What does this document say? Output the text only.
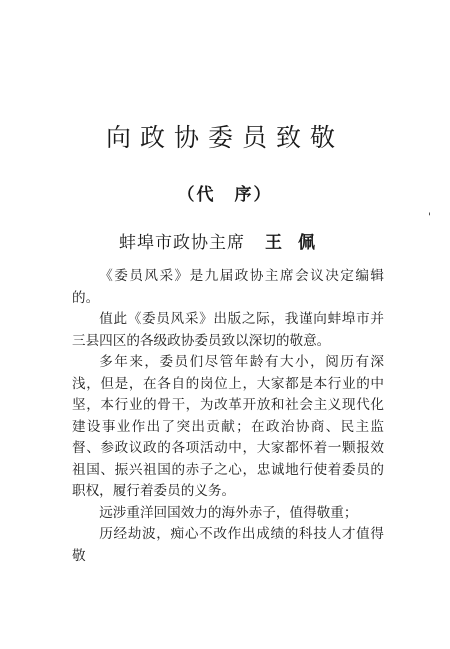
向政协委员致敬
（代　序）
'
蚌埠市政协主席 王佩

《委员风采》是九届政协主席会议决定编辑的。

值此《委员风采》出版之际，我谨向蚌埠市并三县四区的各级政协委员致以深切的敬意。

多年来，委员们尽管年龄有大小，阅历有深浅，但是，在各自的岗位上，大家都是本行业的中坚，本行业的骨干，为改革开放和社会主义现代化建设事业作出了突出贡献；在政治协商、民主监督、参政议政的各项活动中，大家都怀着一颗报效祖国、振兴祖国的赤子之心，忠诚地行使着委员的职权，履行着委员的义务。

远涉重洋回国效力的海外赤子，值得敬重；

历经劫波，痴心不改作出成绩的科技人才值得敬
